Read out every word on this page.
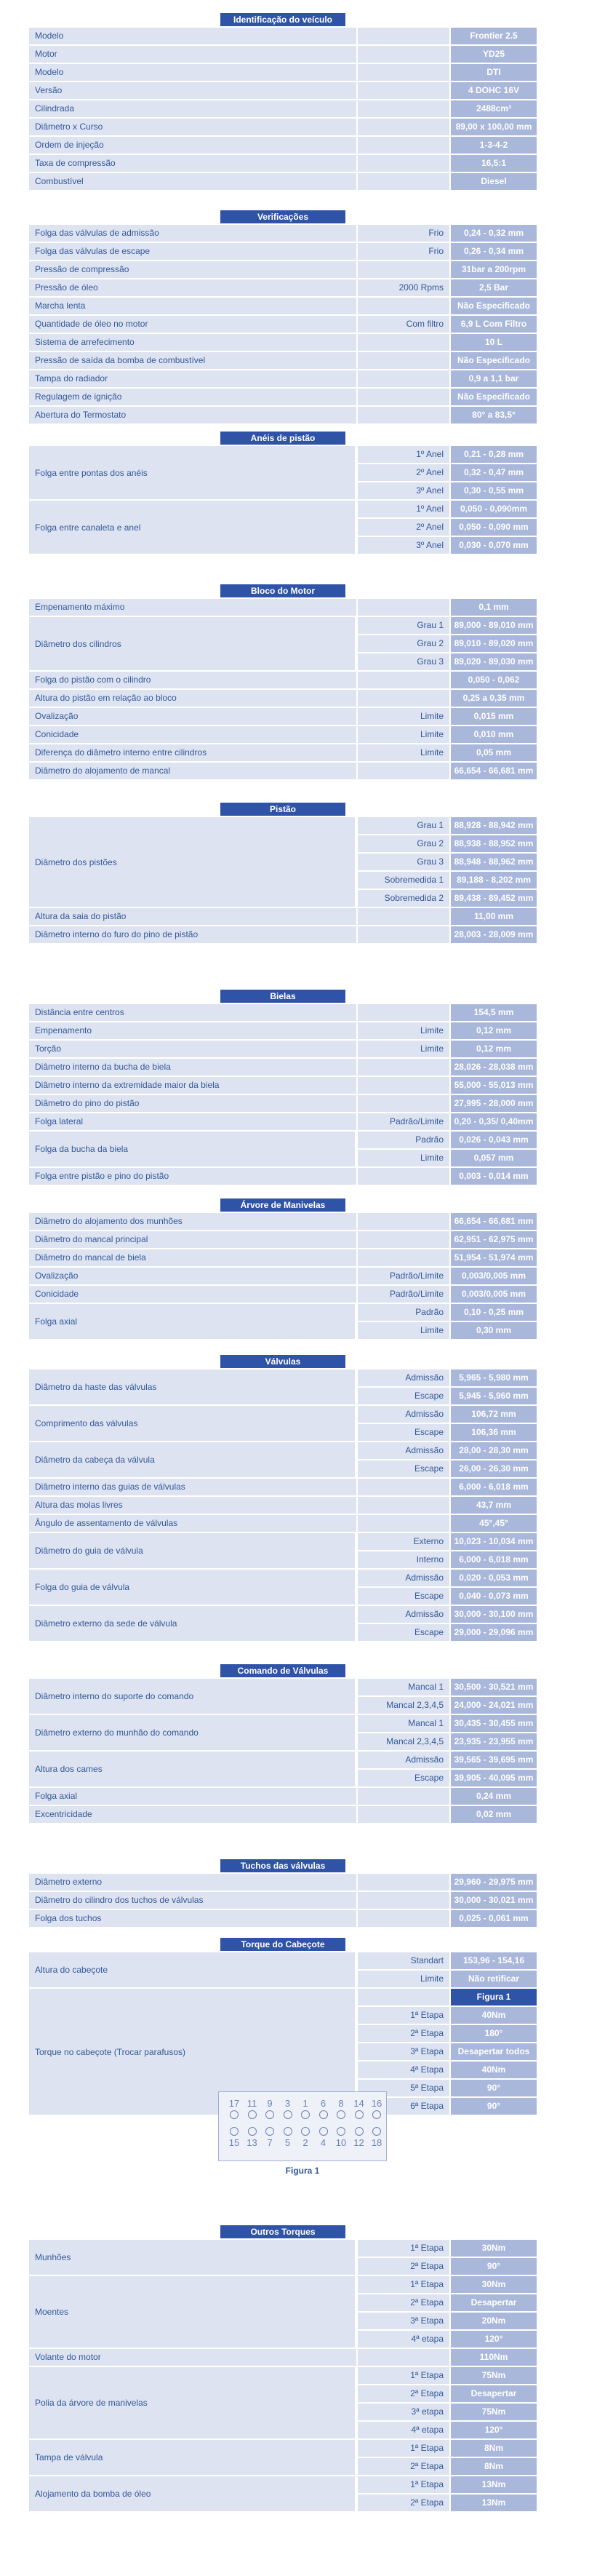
Identificação do veículo
Modelo	Frontier 2.5
Motor	YD25
Modelo	DTI
Versão	4 DOHC 16V
Cilindrada	2488cm³
Diâmetro x Curso	89,00 x 100,00 mm
Ordem de injeção	1-3-4-2
Taxa de compressão	16,5:1
Combustível	Diesel
Verificações
Folga das válvulas de admissão	Frio	0,24 - 0,32 mm
Folga das válvulas de escape	Frio	0,26 - 0,34 mm
Pressão de compressão	31bar a 200rpm
Pressão de óleo	2000 Rpms	2,5 Bar
Marcha lenta	Não Especificado
Quantidade de óleo no motor	Com filtro	6,9 L Com Filtro
Sistema de arrefecimento	10 L
Pressão de saída da bomba de combustível	Não Especificado
Tampa do radiador	0,9 a 1,1 bar
Regulagem de ignição	Não Especificado
Abertura do Termostato	80° a 83,5°
Anéis de pistão
Folga entre pontas dos anéis
1º Anel	0,21 - 0,28 mm
2º Anel	0,32 - 0,47 mm
3º Anel	0,30 - 0,55 mm
Folga entre canaleta e anel
1º Anel	0,050 - 0,090mm
2º Anel	0,050 - 0,090 mm
3º Anel	0,030 - 0,070 mm
Bloco do Motor
Empenamento máximo	0,1 mm
Diâmetro dos cilindros
Grau 1	89,000 - 89,010 mm
Grau 2	89,010 - 89,020 mm
Grau 3	89,020 - 89,030 mm
Folga do pistão com o cilindro	0,050 - 0,062
Altura do pistão em relação ao bloco	0,25 a 0,35 mm
Ovalização	Limite	0,015 mm
Conicidade	Limite	0,010 mm
Diferença do diâmetro interno entre cilindros	Limite	0,05 mm
Diâmetro do alojamento de mancal	66,654 - 66,681 mm
Pistão
Diâmetro dos pistões
Grau 1	88,928 - 88,942 mm
Grau 2	88,938 - 88,952 mm
Grau 3	88,948 - 88,962 mm
Sobremedida 1	89,188 - 8,202 mm
Sobremedida 2	89,438 - 89,452 mm
Altura da saia do pistão	11,00 mm
Diâmetro interno do furo do pino de pistão	28,003 - 28,009 mm
Bielas
Distância entre centros	154,5 mm
Empenamento	Limite	0,12 mm
Torção	Limite	0,12 mm
Diâmetro interno da bucha de biela	28,026 - 28,038 mm
Diâmetro interno da extremidade maior da biela	55,000 - 55,013 mm
Diâmetro do pino do pistão	27,995 - 28,000 mm
Folga lateral	Padrão/Limite	0,20 - 0,35/ 0,40mm
Folga da bucha da biela
Padrão	0,026 - 0,043 mm
Limite	0,057 mm
Folga entre pistão e pino do pistão	0,003 - 0,014 mm
Árvore de Manivelas
Diâmetro do alojamento dos munhões	66,654 - 66,681 mm
Diâmetro do mancal principal	62,951 - 62,975 mm
Diâmetro do mancal de biela	51,954 - 51,974 mm
Ovalização	Padrão/Limite	0,003/0,005 mm
Conicidade	Padrão/Limite	0,003/0,005 mm
Folga axial
Padrão	0,10 - 0,25 mm
Limite	0,30 mm
Válvulas
Diâmetro da haste das válvulas
Admissão	5,965 - 5,980 mm
Escape	5,945 - 5,960 mm
Comprimento das válvulas
Admissão	106,72 mm
Escape	106,36 mm
Diâmetro da cabeça da válvula
Admissão	28,00 - 28,30 mm
Escape	26,00 - 26,30 mm
Diâmetro interno das guias de válvulas	6,000 - 6,018 mm
Altura das molas livres	43,7 mm
Ângulo de assentamento de válvulas	45°,45°
Diâmetro do guia de válvula
Externo	10,023 - 10,034 mm
Interno	6,000 - 6,018 mm
Folga do guia de válvula
Admissão	0,020 - 0,053 mm
Escape	0,040 - 0,073 mm
Diâmetro externo da sede de válvula
Admissão	30,000 - 30,100 mm
Escape	29,000 - 29,096 mm
Comando de Válvulas
Diâmetro interno do suporte do comando
Mancal 1	30,500 - 30,521 mm
Mancal 2,3,4,5	24,000 - 24,021 mm
Diâmetro externo do munhão do comando
Mancal 1	30,435 - 30,455 mm
Mancal 2,3,4,5	23,935 - 23,955 mm
Altura dos cames
Admissão	39,565 - 39,695 mm
Escape	39,905 - 40,095 mm
Folga axial	0,24 mm
Excentricidade	0,02 mm
Tuchos das válvulas
Diâmetro externo	29,960 - 29,975 mm
Diâmetro do cilindro dos tuchos de válvulas	30,000 - 30,021 mm
Folga dos tuchos	0,025 - 0,061 mm
Torque do Cabeçote
Altura do cabeçote
Standart	153,96 - 154,16
Limite	Não retificar
Torque no cabeçote (Trocar parafusos)
Figura 1
1ª Etapa	40Nm
2ª Etapa	180°
3ª Etapa	Desapertar todos
4ª Etapa	40Nm
5ª Etapa	90°
6ª Etapa	90°
Outros Torques
Munhões
1ª Etapa	30Nm
2ª Etapa	90°
Moentes
1ª Etapa	30Nm
2ª Etapa	Desapertar
3ª Etapa	20Nm
4ª etapa	120°
Volante do motor	110Nm
Polia da árvore de manivelas
1ª Etapa	75Nm
2ª Etapa	Desapertar
3ª etapa	75Nm
4ª etapa	120°
Tampa de válvula
1ª Etapa	8Nm
2ª Etapa	8Nm
Alojamento da bomba de óleo
1ª Etapa	13Nm
2ª Etapa	13Nm
17 11	9	3	1	6	8	14 16
15 13	7	5	2	4	10 12 18
Figura 1
